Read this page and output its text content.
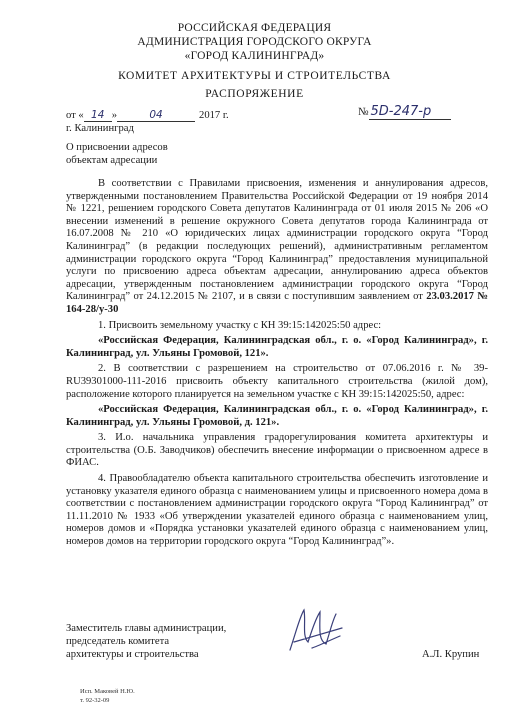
РОССИЙСКАЯ ФЕДЕРАЦИЯ
АДМИНИСТРАЦИЯ ГОРОДСКОГО ОКРУГА
«ГОРОД КАЛИНИНГРАД»
КОМИТЕТ АРХИТЕКТУРЫ И СТРОИТЕЛЬСТВА
РАСПОРЯЖЕНИЕ
от « 14 »	04	2017 г.	№ 5D-247-р
г. Калининград
О присвоении адресов
объектам адресации

В соответствии с Правилами присвоения, изменения и аннулирования адресов, утвержденными постановлением Правительства Российской Федерации от 19 ноября 2014 № 1221, решением городского Совета депутатов Калининграда от 01 июля 2015 № 206 «О внесении изменений в решение окружного Совета депутатов города Калининграда от 16.07.2008 № 210 «О юридических лицах администрации городского округа “Город Калининград” (в редакции последующих решений), административным регламентом администрации городского округа “Город Калининград” предоставления муниципальной услуги по присвоению адреса объектам адресации, аннулированию адреса объектов адресации, утвержденным постановлением администрации городского округа “Город Калининград” от 24.12.2015 № 2107, и в связи с поступившим заявлением от 23.03.2017 № 164-28/у-30

1. Присвоить земельному участку с КН 39:15:142025:50 адрес:

«Российская Федерация, Калининградская обл., г. о. «Город Калининград», г. Калининград, ул. Ульяны Громовой, 121».

2. В соответствии с разрешением на строительство от 07.06.2016 г. № 39-RU39301000-111-2016 присвоить объекту капитального строительства (жилой дом), расположение которого планируется на земельном участке с КН 39:15:142025:50, адрес:

«Российская Федерация, Калининградская обл., г. о. «Город Калининград», г. Калининград, ул. Ульяны Громовой, д. 121».

3. И.о. начальника управления градорегулирования комитета архитектуры и строительства (О.Б. Заводчиков) обеспечить внесение информации о присвоенном адресе в ФИАС.

4. Правообладателю объекта капитального строительства обеспечить изготовление и установку указателя единого образца с наименованием улицы и присвоенного номера дома в соответствии с постановлением администрации городского округа “Город Калининград” от 11.11.2010 № 1933 «Об утверждении указателей единого образца с наименованием улиц, номеров домов и «Порядка установки указателей единого образца с наименованием улиц, номеров домов на территории городского округа “Город Калининград”».

Заместитель главы администрации,
председатель комитета
архитектуры и строительства	А.Л. Крупин
Исп. Маковей Н.Ю.
т. 92-32-09
